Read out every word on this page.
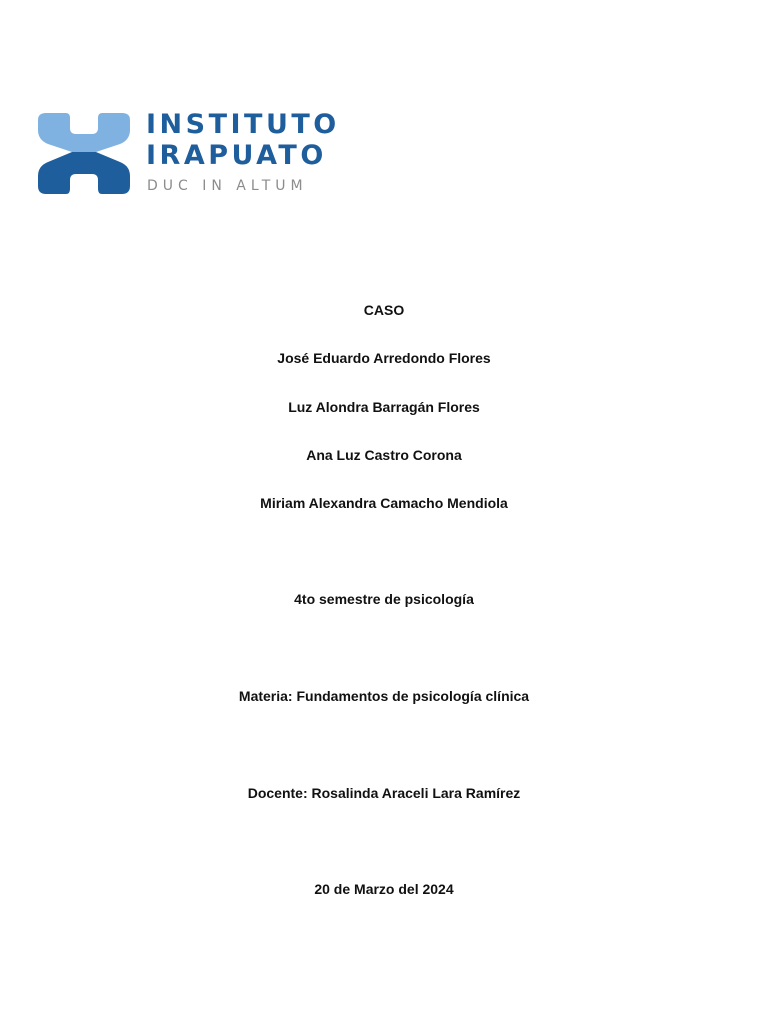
INSTITUTO
IRAPUATO
DUC IN ALTUM
CASO
José Eduardo Arredondo Flores
Luz Alondra Barragán Flores
Ana Luz Castro Corona
Miriam Alexandra Camacho Mendiola
4to semestre de psicología
Materia: Fundamentos de psicología clínica
Docente: Rosalinda Araceli Lara Ramírez
20 de Marzo del 2024
